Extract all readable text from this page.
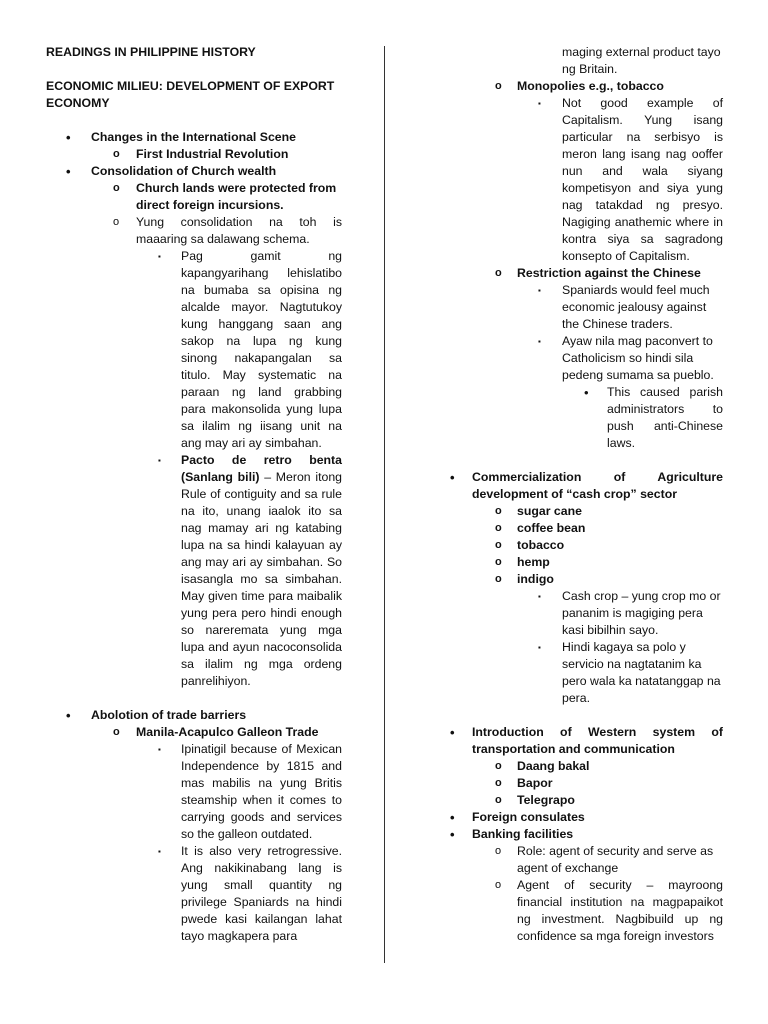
READINGS IN PHILIPPINE HISTORY

ECONOMIC MILIEU: DEVELOPMENT OF EXPORT ECONOMY

• Changes in the International Scene
o First Industrial Revolution
• Consolidation of Church wealth
o Church lands were protected from direct foreign incursions.
o Yung consolidation na toh is maaaring sa dalawang schema.
▪ Pag gamit ng kapangyarihang lehislatibo na bumaba sa opisina ng alcalde mayor. Nagtutukoy kung hanggang saan ang sakop na lupa ng kung sinong nakapangalan sa titulo. May systematic na paraan ng land grabbing para makonsolida yung lupa sa ilalim ng iisang unit na ang may ari ay simbahan.
▪ Pacto de retro benta (Sanlang bili) – Meron itong Rule of contiguity and sa rule na ito, unang iaalok ito sa nag mamay ari ng katabing lupa na sa hindi kalayuan ay ang may ari ay simbahan. So isasangla mo sa simbahan. May given time para maibalik yung pera pero hindi enough so nareremata yung mga lupa and ayun nacoconsolida sa ilalim ng mga ordeng panrelihiyon.
• Abolotion of trade barriers
o Manila-Acapulco Galleon Trade
▪ Ipinatigil because of Mexican Independence by 1815 and mas mabilis na yung Britis steamship when it comes to carrying goods and services so the galleon outdated.
▪ It is also very retrogressive. Ang nakikinabang lang is yung small quantity ng privilege Spaniards na hindi pwede kasi kailangan lahat tayo magkapera para
maging external product tayo ng Britain.
o Monopolies e.g., tobacco
▪ Not good example of Capitalism. Yung isang particular na serbisyo is meron lang isang nag ooffer nun and wala siyang kompetisyon and siya yung nag tatakdad ng presyo. Nagiging anathemic where in kontra siya sa sagradong konsepto of Capitalism.
o Restriction against the Chinese
▪ Spaniards would feel much economic jealousy against the Chinese traders.
▪ Ayaw nila mag paconvert to Catholicism so hindi sila pedeng sumama sa pueblo.
• This caused parish administrators to push anti-Chinese laws.
• Commercialization of Agriculture development of “cash crop” sector
o sugar cane
o coffee bean
o tobacco
o hemp
o indigo
▪ Cash crop – yung crop mo or pananim is magiging pera kasi bibilhin sayo.
▪ Hindi kagaya sa polo y servicio na nagtatanim ka pero wala ka natatanggap na pera.
• Introduction of Western system of transportation and communication
o Daang bakal
o Bapor
o Telegrapo
• Foreign consulates
• Banking facilities
o Role: agent of security and serve as agent of exchange
o Agent of security – mayroong financial institution na magpapaikot ng investment. Nagbibuild up ng confidence sa mga foreign investors
